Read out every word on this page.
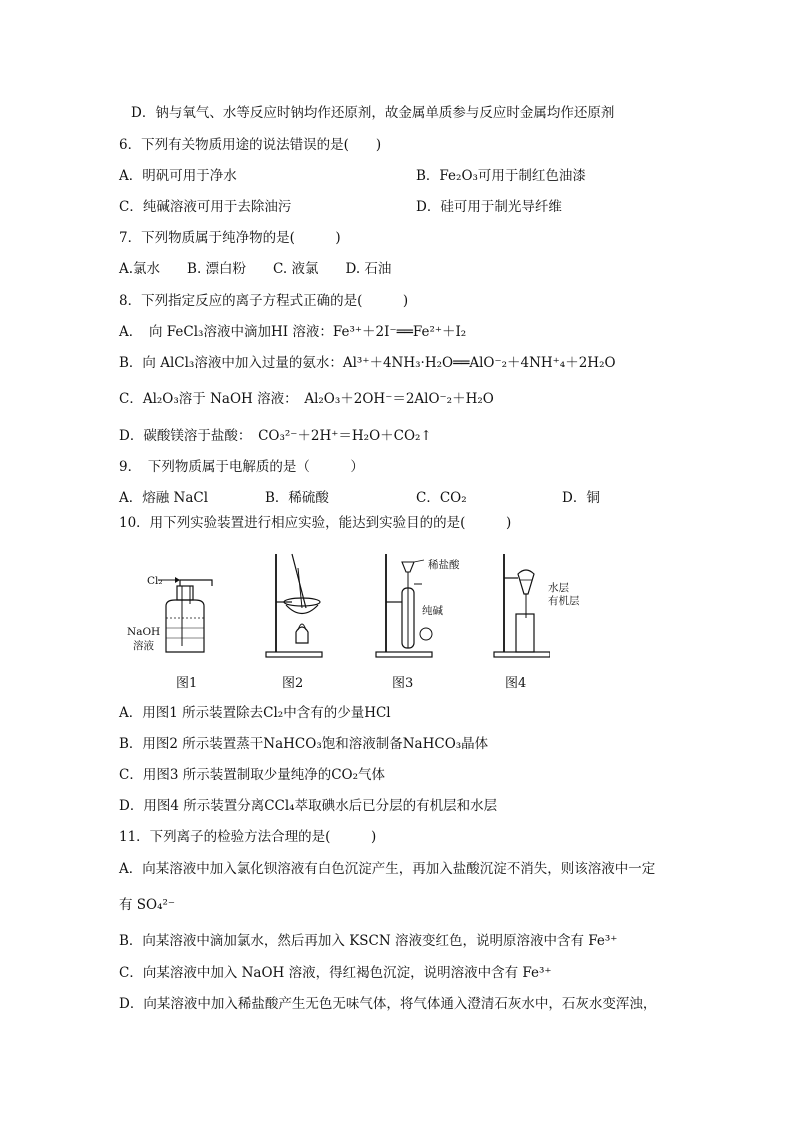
D．钠与氧气、水等反应时钠均作还原剂，故金属单质参与反应时金属均作还原剂
6．下列有关物质用途的说法错误的是(　　)
A．明矾可用于净水	B．Fe₂O₃可用于制红色油漆
C．纯碱溶液可用于去除油污	D．硅可用于制光导纤维
7．下列物质属于纯净物的是(　　　)
A.氯水　　B. 漂白粉　　C. 液氯　　D. 石油
8．下列指定反应的离子方程式正确的是(　　　)
A．　向 FeCl₃溶液中滴加HI 溶液：Fe³⁺＋2I⁻══Fe²⁺＋I₂
B．向 AlCl₃溶液中加入过量的氨水：Al³⁺＋4NH₃·H₂O══AlO⁻₂＋4NH⁺₄＋2H₂O
C．Al₂O₃溶于 NaOH 溶液：　Al₂O₃＋2OH⁻＝2AlO⁻₂＋H₂O
D．碳酸镁溶于盐酸：　CO₃²⁻＋2H⁺＝H₂O＋CO₂↑
9．　下列物质属于电解质的是（　　　）
A．熔融 NaCl	B．稀硫酸	C．CO₂	D．铜
10．用下列实验装置进行相应实验，能达到实验目的的是(　　　)
Cl₂
NaOH
溶液
图1	图2
稀盐酸
纯碱
图3
水层
有机层
图4
A．用图1 所示装置除去Cl₂中含有的少量HCl
B．用图2 所示装置蒸干NaHCO₃饱和溶液制备NaHCO₃晶体
C．用图3 所示装置制取少量纯净的CO₂气体
D．用图4 所示装置分离CCl₄萃取碘水后已分层的有机层和水层
11．下列离子的检验方法合理的是(　　　)
A．向某溶液中加入氯化钡溶液有白色沉淀产生，再加入盐酸沉淀不消失，则该溶液中一定
有 SO₄²⁻
B．向某溶液中滴加氯水，然后再加入 KSCN 溶液变红色，说明原溶液中含有 Fe³⁺
C．向某溶液中加入 NaOH 溶液，得红褐色沉淀，说明溶液中含有 Fe³⁺
D．向某溶液中加入稀盐酸产生无色无味气体，将气体通入澄清石灰水中，石灰水变浑浊，
